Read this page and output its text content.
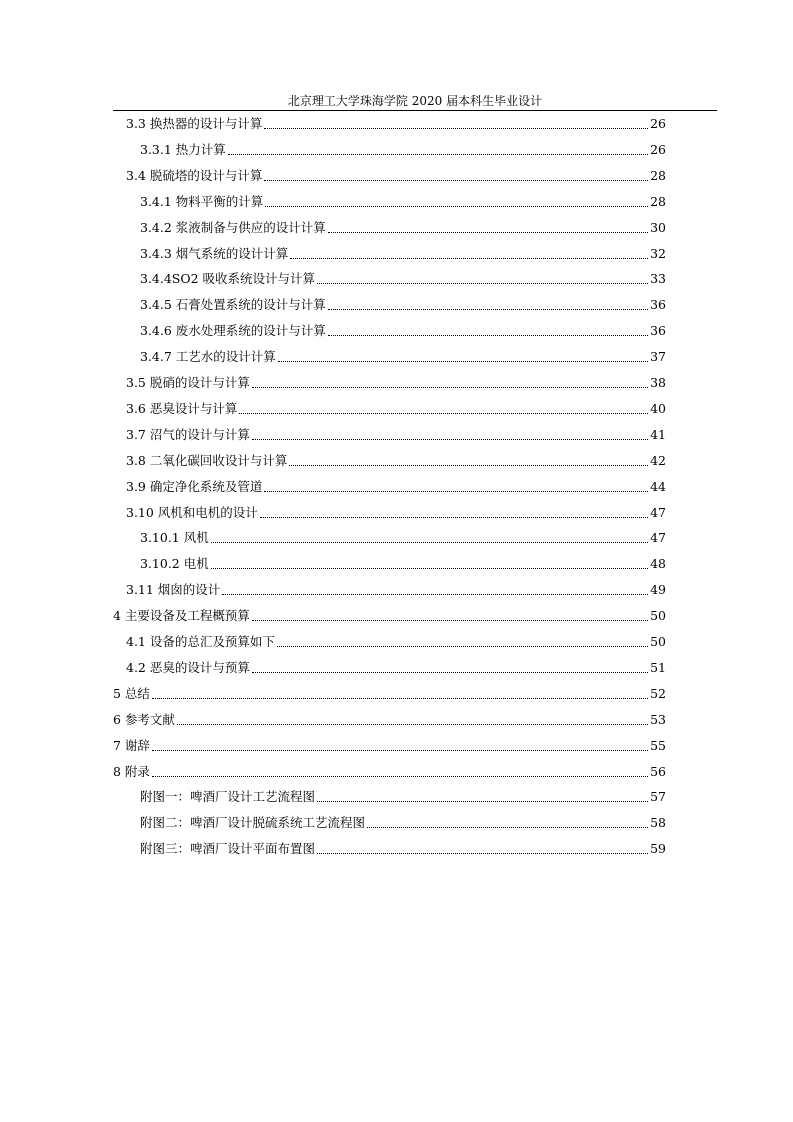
北京理工大学珠海学院 2020 届本科生毕业设计
3.3 换热器的设计与计算	26
3.3.1 热力计算	26
3.4 脱硫塔的设计与计算	28
3.4.1 物料平衡的计算	28
3.4.2 浆液制备与供应的设计计算	30
3.4.3 烟气系统的设计计算	32
3.4.4SO2 吸收系统设计与计算	33
3.4.5 石膏处置系统的设计与计算	36
3.4.6 废水处理系统的设计与计算	36
3.4.7 工艺水的设计计算	37
3.5 脱硝的设计与计算	38
3.6 恶臭设计与计算	40
3.7 沼气的设计与计算	41
3.8 二氧化碳回收设计与计算	42
3.9 确定净化系统及管道	44
3.10 风机和电机的设计	47
3.10.1 风机	47
3.10.2 电机	48
3.11 烟囱的设计	49
4 主要设备及工程概预算	50
4.1 设备的总汇及预算如下	50
4.2 恶臭的设计与预算	51
5 总结	52
6 参考文献	53
7 谢辞	55
8 附录	56
附图一：啤酒厂设计工艺流程图	57
附图二：啤酒厂设计脱硫系统工艺流程图	58
附图三：啤酒厂设计平面布置图	59
